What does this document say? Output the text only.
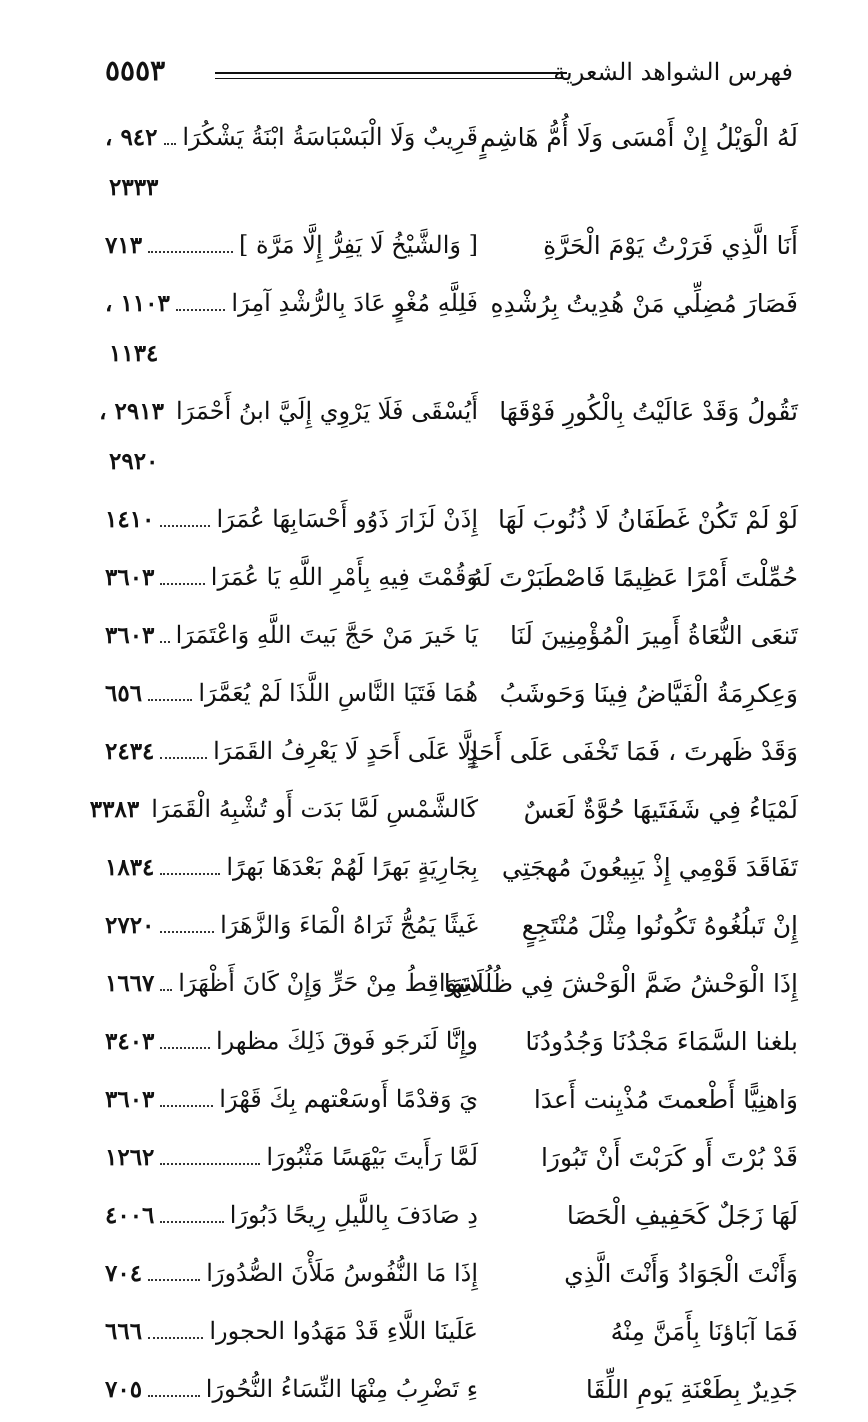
فهرس الشواهد الشعرية
٥٥٥٣
لَهُ الْوَيْلُ إِنْ أَمْسَى وَلَا أُمُّ هَاشِمٍ
قَرِيبٌ وَلَا الْبَسْبَاسَةُ ابْنَةُ يَشْكُرَا
٩٤٢ ،
٢٣٣٣
أَنَا الَّذِي فَرَرْتُ يَوْمَ الْحَرَّةِ
[ وَالشَّيْخُ لَا يَفِرُّ إِلَّا مَرَّة ]
٧١٣
فَصَارَ مُضِلِّي مَنْ هُدِيتُ بِرُشْدِهِ
فَلِلَّهِ مُغْوٍ عَادَ بِالرُّشْدِ آمِرَا
١١٠٣ ،
١١٣٤
تَقُولُ وَقَدْ عَالَيْتُ بِالْكُورِ فَوْقَهَا
أَيُسْقَى فَلَا يَرْوِي إِلَيَّ ابنُ أَحْمَرَا
٢٩١٣ ،
٢٩٢٠
لَوْ لَمْ تَكُنْ غَطَفَانُ لَا ذُنُوبَ لَهَا
إِذَنْ لَزَارَ ذَوُو أَحْسَابِهَا عُمَرَا
١٤١٠
حُمِّلْتَ أَمْرًا عَظِيمًا فَاصْطَبَرْتَ لَهُ
وَقُمْتَ فِيهِ بِأَمْرِ اللَّهِ يَا عُمَرَا
٣٦٠٣
تَنعَى النُّعَاةُ أَمِيرَ الْمُؤْمِنِينَ لَنَا
يَا خَيرَ مَنْ حَجَّ بَيتَ اللَّهِ وَاعْتَمَرَا
٣٦٠٣
وَعِكرِمَةُ الْفَيَّاضُ فِينَا وَحَوشَبُ
هُمَا فَتَيَا النَّاسِ اللَّذَا لَمْ يُعَمَّرَا
٦٥٦
وَقَدْ ظَهرتَ ، فَمَا تَخْفَى عَلَى أَحَدٍ
إِلَّا عَلَى أَحَدٍ لَا يَعْرِفُ القَمَرَا
٢٤٣٤
لَمْيَاءُ فِي شَفَتَيهَا حُوَّةٌ لَعَسٌ
كَالشَّمْسِ لَمَّا بَدَت أَو تُشْبِهُ الْقَمَرَا
٣٣٨٣
تَفَاقَدَ قَوْمِي إِذْ يَبِيعُونَ مُهجَتِي
بِجَارِيَةٍ بَهرًا لَهُمْ بَعْدَهَا بَهرًا
١٨٣٤
إِنْ تَبلُغُوهُ تَكُونُوا مِثْلَ مُنْتَجِعٍ
غَيثًا يَمُجُّ ثَرَاهُ الْمَاءَ وَالزَّهَرَا
٢٧٢٠
إِذَا الْوَحْشُ ضَمَّ الْوَحْشَ فِي ظُلُلَاتِهَا
سَوَاقِطُ مِنْ حَرٍّ وَإِنْ كَانَ أَظْهَرَا
١٦٦٧
بلغنا السَّمَاءَ مَجْدُنَا وَجُدُودُنَا
وإِنَّا لَنَرجَو فَوقَ ذَلِكَ مظهرا
٣٤٠٣
وَاهنِيًّا أَطْعمتَ مُذْيِنت أَعدَا
يَ وَقدْمًا أَوسَعْتهم بِكَ قَهْرَا
٣٦٠٣
قَدْ بُرْتَ أَو كَرَبْتَ أَنْ تَبُورَا
لَمَّا رَأَيتَ بَيْهَسًا مَثْبُورَا
١٢٦٢
لَهَا زَجَلٌ كَحَفِيفِ الْحَصَا
دِ صَادَفَ بِاللَّيلِ رِيحًا دَبُورَا
٤٠٠٦
وَأَنْتَ الْجَوَادُ وَأَنْتَ الَّذِي
إِذَا مَا النُّفُوسُ مَلَأْنَ الصُّدُورَا
٧٠٤
فَمَا آبَاؤنَا بِأَمَنَّ مِنْهُ
عَلَينَا اللَّاءِ قَدْ مَهَدُوا الحجورا
٦٦٦
جَدِيرٌ بِطَعْنَةِ يَومِ اللِّقَا
ءِ تَضْرِبُ مِنْهَا النِّسَاءُ النُّحُورَا
٧٠٥
